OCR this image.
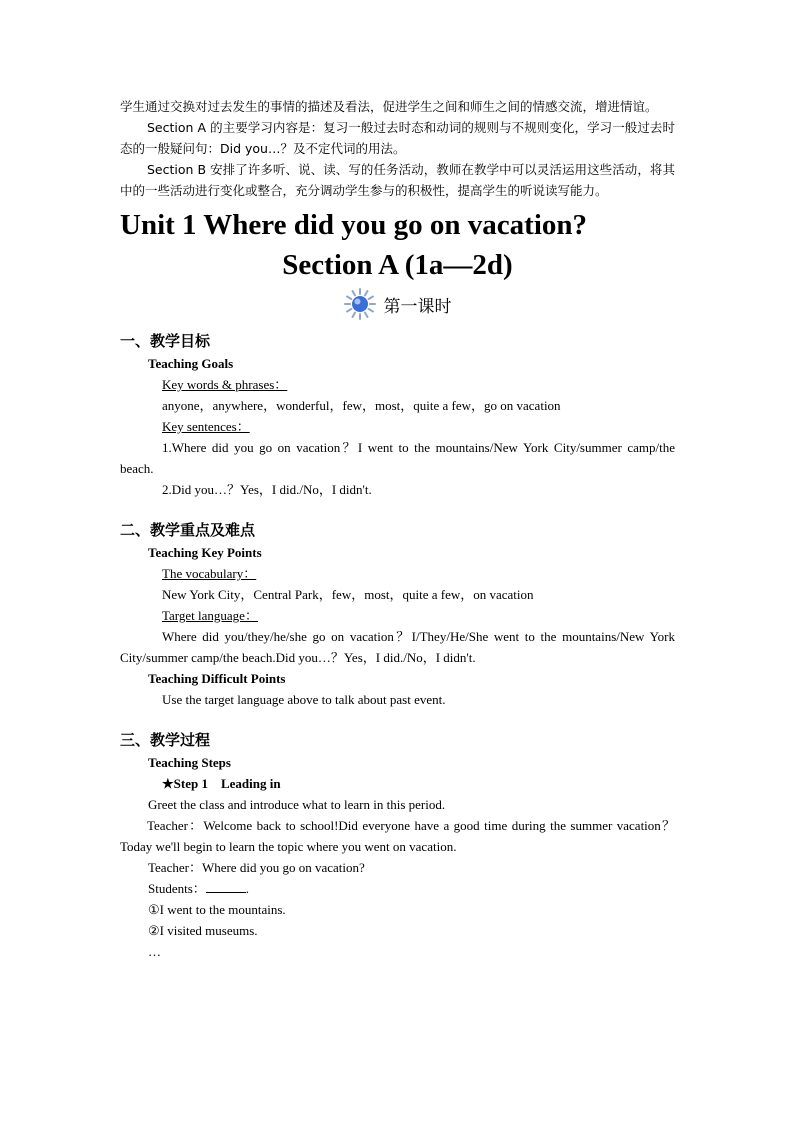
学生通过交换对过去发生的事情的描述及看法，促进学生之间和师生之间的情感交流，增进情谊。

Section A 的主要学习内容是：复习一般过去时态和动词的规则与不规则变化，学习一般过去时态的一般疑问句：Did you…？及不定代词的用法。

Section B 安排了许多听、说、读、写的任务活动，教师在教学中可以灵活运用这些活动，将其中的一些活动进行变化或整合，充分调动学生参与的积极性，提高学生的听说读写能力。

Unit 1 Where did you go on vacation?
Section A (1a—2d)
第一课时

一、教学目标

Teaching Goals

Key words & phrases：

anyone，anywhere，wonderful，few，most，quite a few，go on vacation

Key sentences：

1.Where did you go on vacation？I went to the mountains/New York City/summer camp/the beach.

2.Did you…？Yes，I did./No，I didn't.

二、教学重点及难点

Teaching Key Points

The vocabulary：

New York City，Central Park，few，most，quite a few，on vacation

Target language：

Where did you/they/he/she go on vacation？I/They/He/She went to the mountains/New York City/summer camp/the beach.Did you…？Yes，I did./No，I didn't.

Teaching Difficult Points

Use the target language above to talk about past event.

三、教学过程

Teaching Steps

★Step 1　Leading in

Greet the class and introduce what to learn in this period.

Teacher：Welcome back to school!Did everyone have a good time during the summer vacation？Today we'll begin to learn the topic where you went on vacation.

Teacher：Where did you go on vacation?

Students：	.

①I went to the mountains.

②I visited museums.

…
